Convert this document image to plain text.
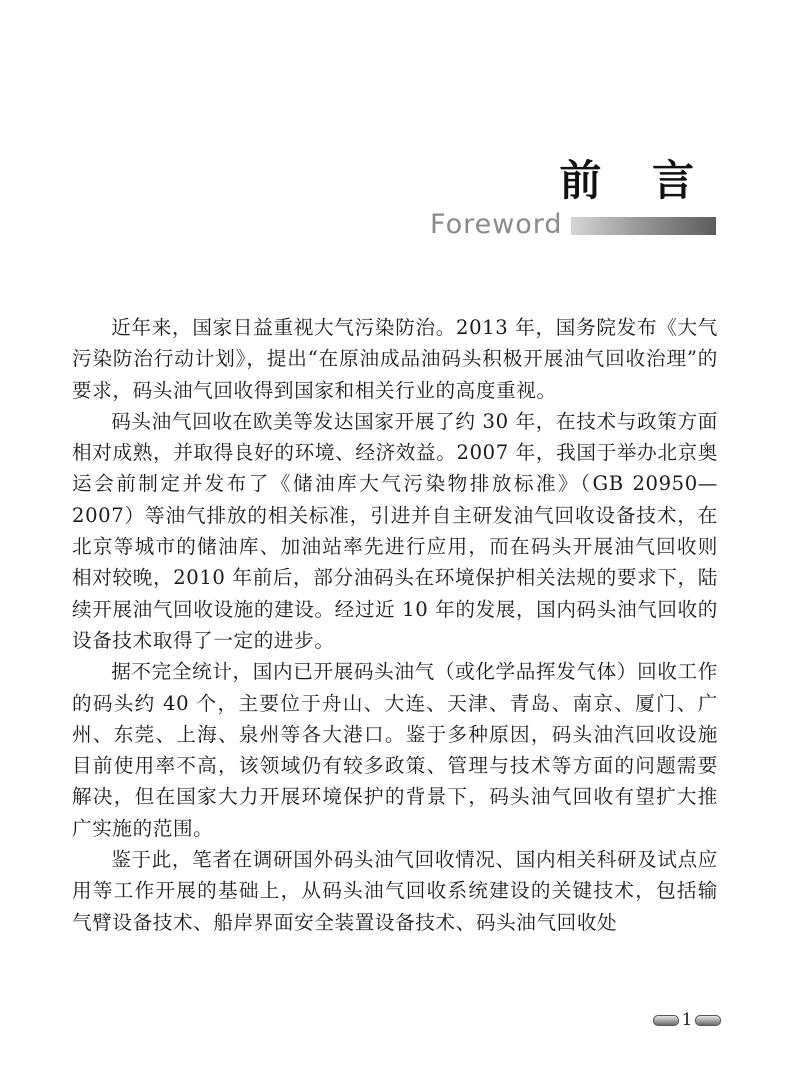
前 言
Foreword

近年来，国家日益重视大气污染防治。2013 年，国务院发布《大气污染防治行动计划》，提出“在原油成品油码头积极开展油气回收治理”的要求，码头油气回收得到国家和相关行业的高度重视。

码头油气回收在欧美等发达国家开展了约 30 年，在技术与政策方面相对成熟，并取得良好的环境、经济效益。2007 年，我国于举办北京奥运会前制定并发布了《储油库大气污染物排放标准》（GB 20950—2007）等油气排放的相关标准，引进并自主研发油气回收设备技术，在北京等城市的储油库、加油站率先进行应用，而在码头开展油气回收则相对较晚，2010 年前后，部分油码头在环境保护相关法规的要求下，陆续开展油气回收设施的建设。经过近 10 年的发展，国内码头油气回收的设备技术取得了一定的进步。

据不完全统计，国内已开展码头油气（或化学品挥发气体）回收工作的码头约 40 个，主要位于舟山、大连、天津、青岛、南京、厦门、广州、东莞、上海、泉州等各大港口。鉴于多种原因，码头油汽回收设施目前使用率不高，该领域仍有较多政策、管理与技术等方面的问题需要解决，但在国家大力开展环境保护的背景下，码头油气回收有望扩大推广实施的范围。

鉴于此，笔者在调研国外码头油气回收情况、国内相关科研及试点应用等工作开展的基础上，从码头油气回收系统建设的关键技术，包括输气臂设备技术、船岸界面安全装置设备技术、码头油气回收处

1
